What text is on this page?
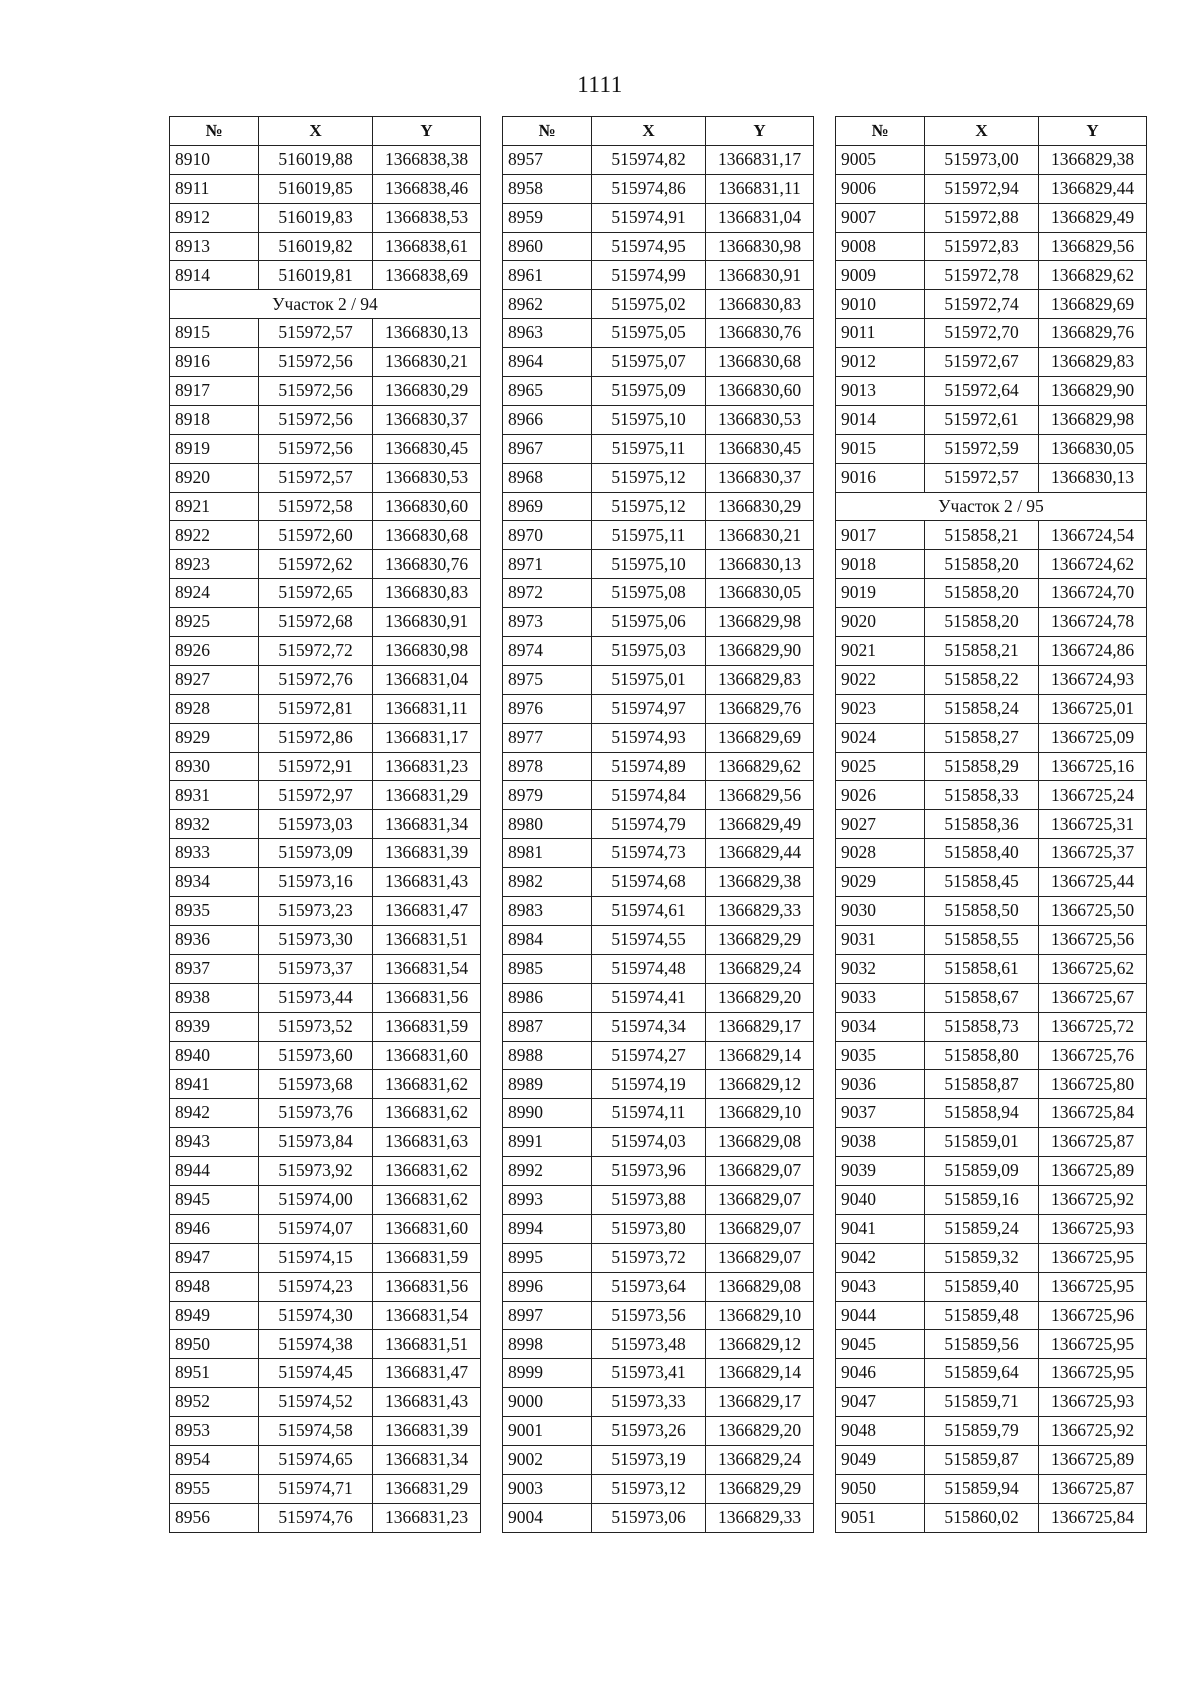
1111
№	X	Y
8910	516019,88	1366838,38
8911	516019,85	1366838,46
8912	516019,83	1366838,53
8913	516019,82	1366838,61
8914	516019,81	1366838,69
Участок 2 / 94		
8915	515972,57	1366830,13
8916	515972,56	1366830,21
8917	515972,56	1366830,29
8918	515972,56	1366830,37
8919	515972,56	1366830,45
8920	515972,57	1366830,53
8921	515972,58	1366830,60
8922	515972,60	1366830,68
8923	515972,62	1366830,76
8924	515972,65	1366830,83
8925	515972,68	1366830,91
8926	515972,72	1366830,98
8927	515972,76	1366831,04
8928	515972,81	1366831,11
8929	515972,86	1366831,17
8930	515972,91	1366831,23
8931	515972,97	1366831,29
8932	515973,03	1366831,34
8933	515973,09	1366831,39
8934	515973,16	1366831,43
8935	515973,23	1366831,47
8936	515973,30	1366831,51
8937	515973,37	1366831,54
8938	515973,44	1366831,56
8939	515973,52	1366831,59
8940	515973,60	1366831,60
8941	515973,68	1366831,62
8942	515973,76	1366831,62
8943	515973,84	1366831,63
8944	515973,92	1366831,62
8945	515974,00	1366831,62
8946	515974,07	1366831,60
8947	515974,15	1366831,59
8948	515974,23	1366831,56
8949	515974,30	1366831,54
8950	515974,38	1366831,51
8951	515974,45	1366831,47
8952	515974,52	1366831,43
8953	515974,58	1366831,39
8954	515974,65	1366831,34
8955	515974,71	1366831,29
8956	515974,76	1366831,23
№	X	Y
8957	515974,82	1366831,17
8958	515974,86	1366831,11
8959	515974,91	1366831,04
8960	515974,95	1366830,98
8961	515974,99	1366830,91
8962	515975,02	1366830,83
8963	515975,05	1366830,76
8964	515975,07	1366830,68
8965	515975,09	1366830,60
8966	515975,10	1366830,53
8967	515975,11	1366830,45
8968	515975,12	1366830,37
8969	515975,12	1366830,29
8970	515975,11	1366830,21
8971	515975,10	1366830,13
8972	515975,08	1366830,05
8973	515975,06	1366829,98
8974	515975,03	1366829,90
8975	515975,01	1366829,83
8976	515974,97	1366829,76
8977	515974,93	1366829,69
8978	515974,89	1366829,62
8979	515974,84	1366829,56
8980	515974,79	1366829,49
8981	515974,73	1366829,44
8982	515974,68	1366829,38
8983	515974,61	1366829,33
8984	515974,55	1366829,29
8985	515974,48	1366829,24
8986	515974,41	1366829,20
8987	515974,34	1366829,17
8988	515974,27	1366829,14
8989	515974,19	1366829,12
8990	515974,11	1366829,10
8991	515974,03	1366829,08
8992	515973,96	1366829,07
8993	515973,88	1366829,07
8994	515973,80	1366829,07
8995	515973,72	1366829,07
8996	515973,64	1366829,08
8997	515973,56	1366829,10
8998	515973,48	1366829,12
8999	515973,41	1366829,14
9000	515973,33	1366829,17
9001	515973,26	1366829,20
9002	515973,19	1366829,24
9003	515973,12	1366829,29
9004	515973,06	1366829,33
№	X	Y
9005	515973,00	1366829,38
9006	515972,94	1366829,44
9007	515972,88	1366829,49
9008	515972,83	1366829,56
9009	515972,78	1366829,62
9010	515972,74	1366829,69
9011	515972,70	1366829,76
9012	515972,67	1366829,83
9013	515972,64	1366829,90
9014	515972,61	1366829,98
9015	515972,59	1366830,05
9016	515972,57	1366830,13
Участок 2 / 95		
9017	515858,21	1366724,54
9018	515858,20	1366724,62
9019	515858,20	1366724,70
9020	515858,20	1366724,78
9021	515858,21	1366724,86
9022	515858,22	1366724,93
9023	515858,24	1366725,01
9024	515858,27	1366725,09
9025	515858,29	1366725,16
9026	515858,33	1366725,24
9027	515858,36	1366725,31
9028	515858,40	1366725,37
9029	515858,45	1366725,44
9030	515858,50	1366725,50
9031	515858,55	1366725,56
9032	515858,61	1366725,62
9033	515858,67	1366725,67
9034	515858,73	1366725,72
9035	515858,80	1366725,76
9036	515858,87	1366725,80
9037	515858,94	1366725,84
9038	515859,01	1366725,87
9039	515859,09	1366725,89
9040	515859,16	1366725,92
9041	515859,24	1366725,93
9042	515859,32	1366725,95
9043	515859,40	1366725,95
9044	515859,48	1366725,96
9045	515859,56	1366725,95
9046	515859,64	1366725,95
9047	515859,71	1366725,93
9048	515859,79	1366725,92
9049	515859,87	1366725,89
9050	515859,94	1366725,87
9051	515860,02	1366725,84
